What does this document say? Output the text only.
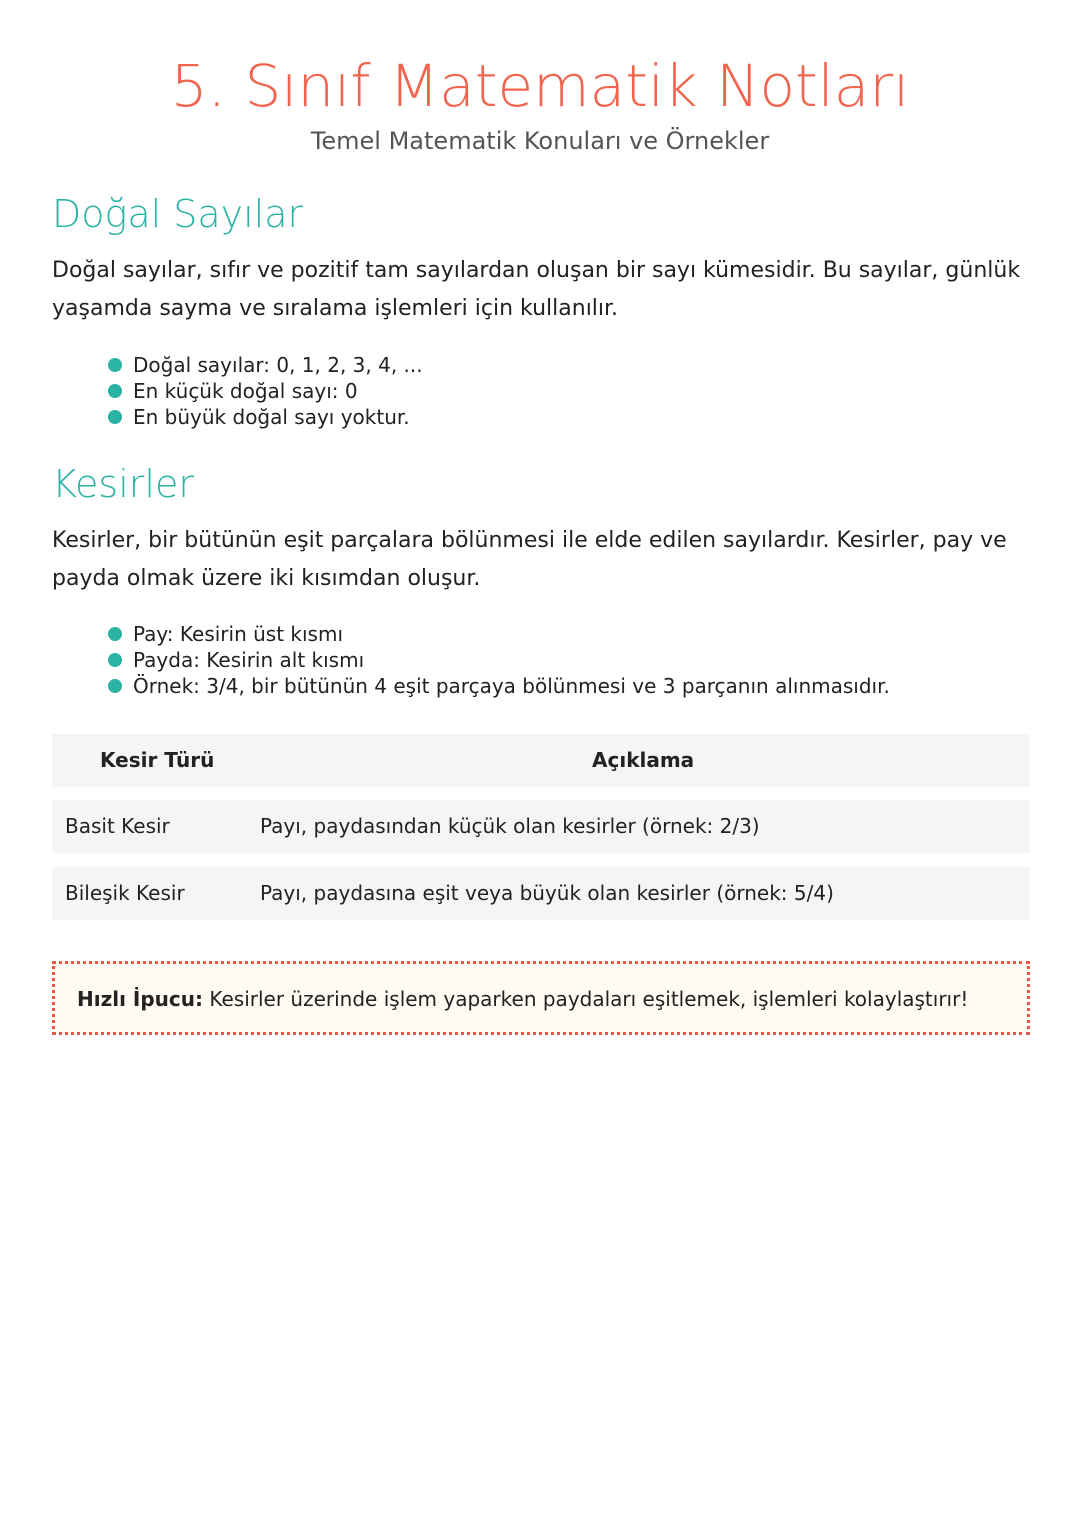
5. Sınıf Matematik Notları
Temel Matematik Konuları ve Örnekler
Doğal Sayılar
Doğal sayılar, sıfır ve pozitif tam sayılardan oluşan bir sayı kümesidir. Bu sayılar, günlük yaşamda sayma ve sıralama işlemleri için kullanılır.
Doğal sayılar: 0, 1, 2, 3, 4, ...
En küçük doğal sayı: 0
En büyük doğal sayı yoktur.
Kesirler
Kesirler, bir bütünün eşit parçalara bölünmesi ile elde edilen sayılardır. Kesirler, pay ve payda olmak üzere iki kısımdan oluşur.
Pay: Kesirin üst kısmı
Payda: Kesirin alt kısmı
Örnek: 3/4, bir bütünün 4 eşit parçaya bölünmesi ve 3 parçanın alınmasıdır.
Kesir Türü	Açıklama
Basit Kesir	Payı, paydasından küçük olan kesirler (örnek: 2/3)
Bileşik Kesir	Payı, paydasına eşit veya büyük olan kesirler (örnek: 5/4)
Hızlı İpucu: Kesirler üzerinde işlem yaparken paydaları eşitlemek, işlemleri kolaylaştırır!
